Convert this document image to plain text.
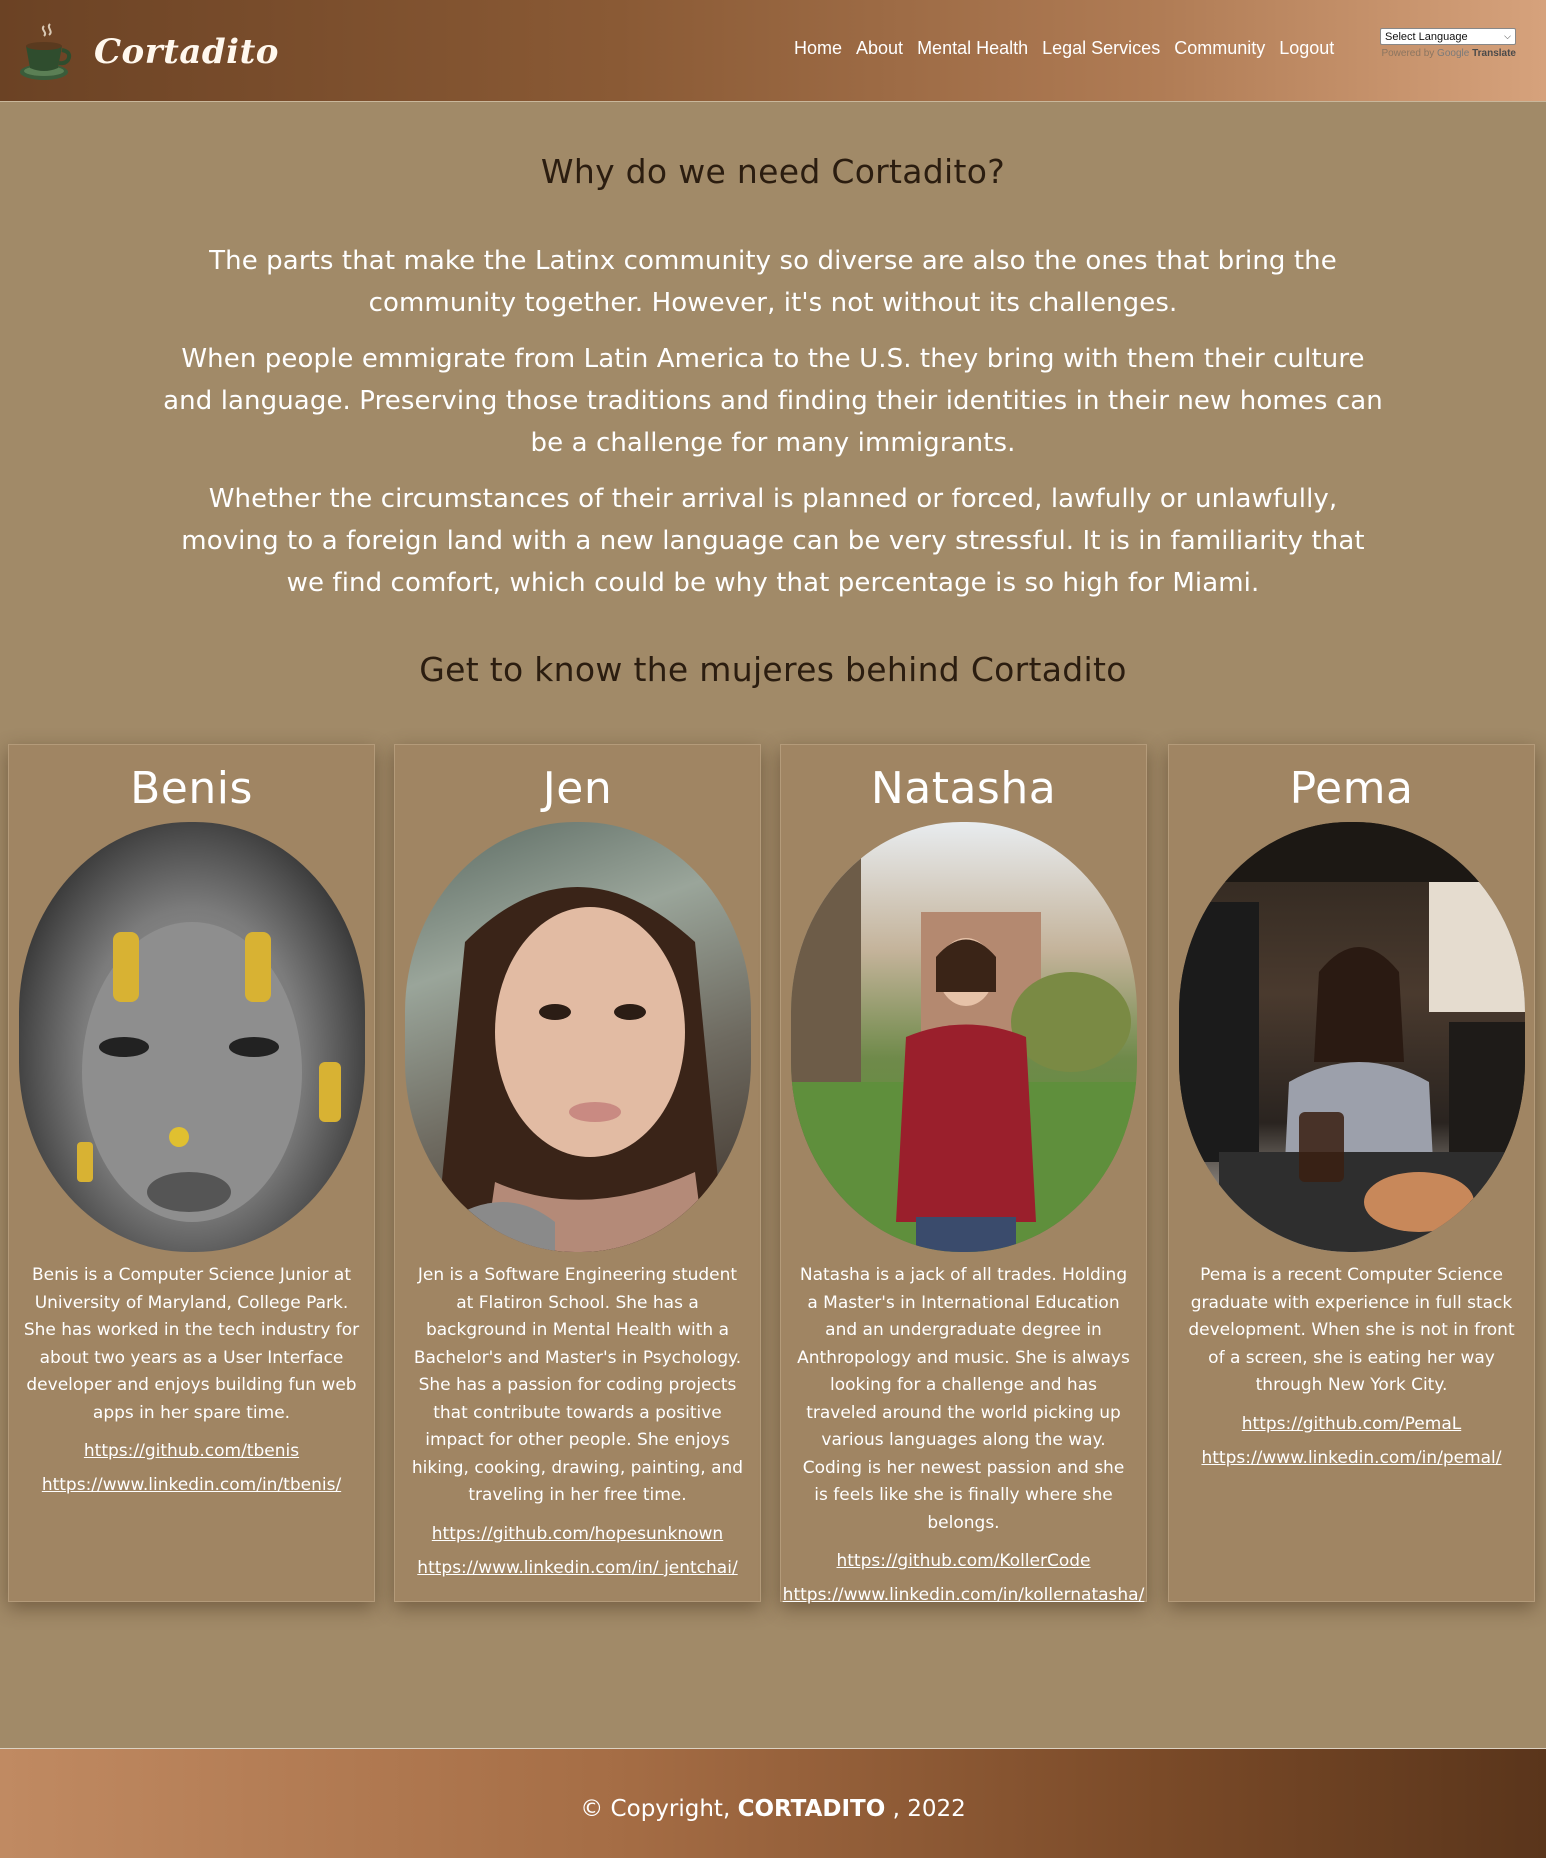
Cortadito	Home About Mental Health Legal Services Community Logout
Select Language	⌵
Powered by Google Translate
Why do we need Cortadito?

The parts that make the Latinx community so diverse are also the ones that bring the community together. However, it's not without its challenges.

When people emmigrate from Latin America to the U.S. they bring with them their culture and language. Preserving those traditions and finding their identities in their new homes can be a challenge for many immigrants.

Whether the circumstances of their arrival is planned or forced, lawfully or unlawfully, moving to a foreign land with a new language can be very stressful. It is in familiarity that we find comfort, which could be why that percentage is so high for Miami.

Get to know the mujeres behind Cortadito
Benis

Benis is a Computer Science Junior at University of Maryland, College Park. She has worked in the tech industry for about two years as a User Interface developer and enjoys building fun web apps in her spare time.

https://github.com/tbenis
https://www.linkedin.com/in/tbenis/
Jen

Jen is a Software Engineering student at Flatiron School. She has a background in Mental Health with a Bachelor's and Master's in Psychology. She has a passion for coding projects that contribute towards a positive impact for other people. She enjoys hiking, cooking, drawing, painting, and traveling in her free time.

https://github.com/hopesunknown
https://www.linkedin.com/in/ jentchai/
Natasha

Natasha is a jack of all trades. Holding a Master's in International Education and an undergraduate degree in Anthropology and music. She is always looking for a challenge and has traveled around the world picking up various languages along the way. Coding is her newest passion and she is feels like she is finally where she belongs.

https://github.com/KollerCode
https://www.linkedin.com/in/kollernatasha/
Pema

Pema is a recent Computer Science graduate with experience in full stack development. When she is not in front of a screen, she is eating her way through New York City.

https://github.com/PemaL
https://www.linkedin.com/in/pemal/
© Copyright, CORTADITO , 2022
